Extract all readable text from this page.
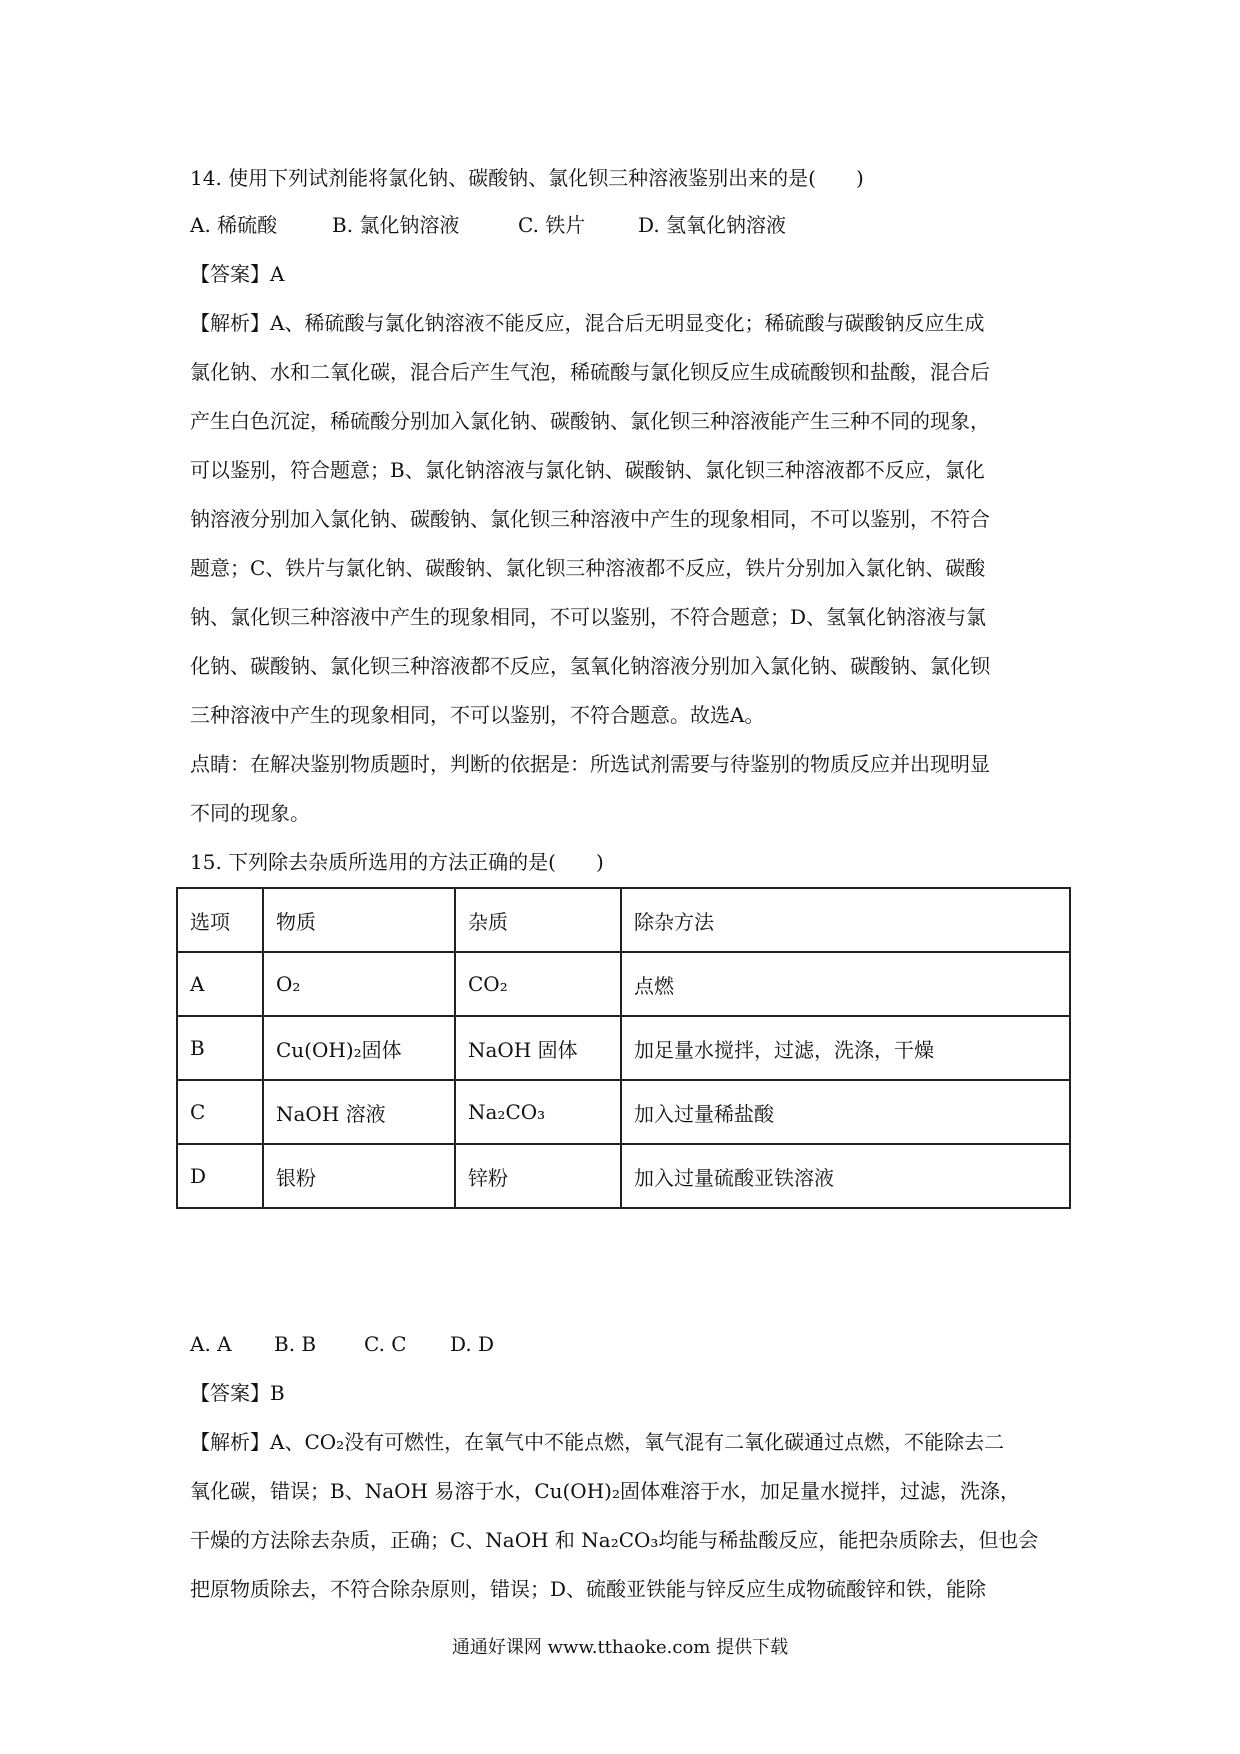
14. 使用下列试剂能将氯化钠、碳酸钠、氯化钡三种溶液鉴别出来的是(　　)
A. 稀硫酸	B. 氯化钠溶液	C. 铁片	D. 氢氧化钠溶液
【答案】A
【解析】A、稀硫酸与氯化钠溶液不能反应，混合后无明显变化；稀硫酸与碳酸钠反应生成
氯化钠、水和二氧化碳，混合后产生气泡，稀硫酸与氯化钡反应生成硫酸钡和盐酸，混合后
产生白色沉淀，稀硫酸分别加入氯化钠、碳酸钠、氯化钡三种溶液能产生三种不同的现象，
可以鉴别，符合题意；B、氯化钠溶液与氯化钠、碳酸钠、氯化钡三种溶液都不反应，氯化
钠溶液分别加入氯化钠、碳酸钠、氯化钡三种溶液中产生的现象相同，不可以鉴别，不符合
题意；C、铁片与氯化钠、碳酸钠、氯化钡三种溶液都不反应，铁片分别加入氯化钠、碳酸
钠、氯化钡三种溶液中产生的现象相同，不可以鉴别，不符合题意；D、氢氧化钠溶液与氯
化钠、碳酸钠、氯化钡三种溶液都不反应，氢氧化钠溶液分别加入氯化钠、碳酸钠、氯化钡
三种溶液中产生的现象相同，不可以鉴别，不符合题意。故选A。
点睛：在解决鉴别物质题时，判断的依据是：所选试剂需要与待鉴别的物质反应并出现明显
不同的现象。
15. 下列除去杂质所选用的方法正确的是(　　)
选项	物质	杂质	除杂方法
A	O₂	CO₂	点燃
B	Cu(OH)₂固体	NaOH 固体	加足量水搅拌，过滤，洗涤，干燥
C	NaOH 溶液	Na₂CO₃	加入过量稀盐酸
D	银粉	锌粉	加入过量硫酸亚铁溶液
A. A B. B C. C D. D
【答案】B
【解析】A、CO₂没有可燃性，在氧气中不能点燃，氧气混有二氧化碳通过点燃，不能除去二
氧化碳，错误；B、NaOH 易溶于水，Cu(OH)₂固体难溶于水，加足量水搅拌，过滤，洗涤，
干燥的方法除去杂质，正确；C、NaOH 和 Na₂CO₃均能与稀盐酸反应，能把杂质除去，但也会
把原物质除去，不符合除杂原则，错误；D、硫酸亚铁能与锌反应生成物硫酸锌和铁，能除
通通好课网 www.tthaoke.com 提供下载
